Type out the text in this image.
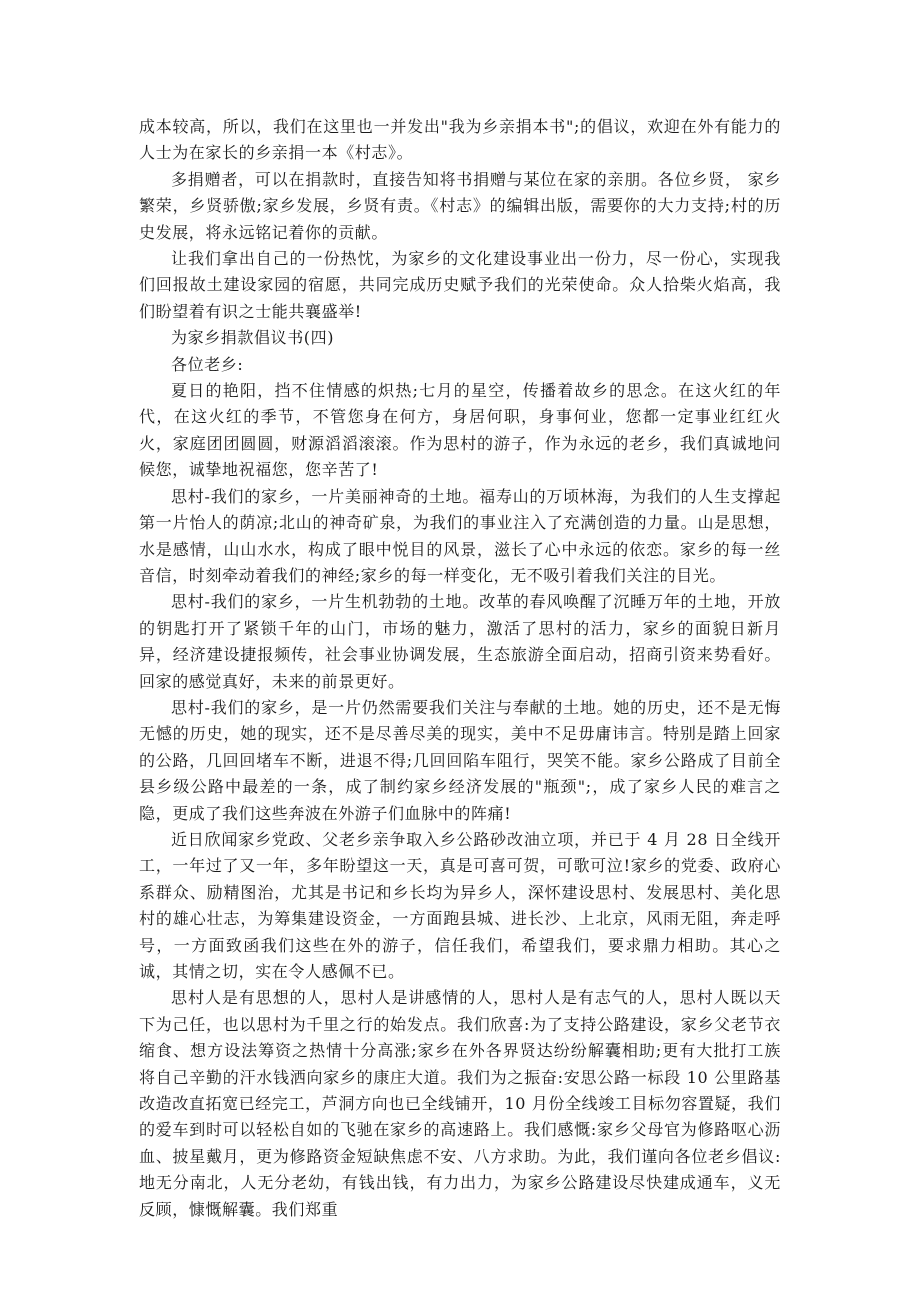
成本较高，所以，我们在这里也一并发出"我为乡亲捐本书";的倡议，欢迎在外有能力的人士为在家长的乡亲捐一本《村志》。

多捐赠者，可以在捐款时，直接告知将书捐赠与某位在家的亲朋。各位乡贤， 家乡繁荣，乡贤骄傲;家乡发展，乡贤有责。《村志》的编辑出版，需要你的大力支持;村的历史发展，将永远铭记着你的贡献。

让我们拿出自己的一份热忱，为家乡的文化建设事业出一份力，尽一份心，实现我们回报故土建设家园的宿愿，共同完成历史赋予我们的光荣使命。众人拾柴火焰高，我们盼望着有识之士能共襄盛举!

为家乡捐款倡议书(四)

各位老乡:

夏日的艳阳，挡不住情感的炽热;七月的星空，传播着故乡的思念。在这火红的年代，在这火红的季节，不管您身在何方，身居何职，身事何业，您都一定事业红红火火，家庭团团圆圆，财源滔滔滚滚。作为思村的游子，作为永远的老乡，我们真诚地问候您，诚挚地祝福您，您辛苦了!

思村-我们的家乡，一片美丽神奇的土地。福寿山的万顷林海，为我们的人生支撑起第一片怡人的荫凉;北山的神奇矿泉，为我们的事业注入了充满创造的力量。山是思想，水是感情，山山水水，构成了眼中悦目的风景，滋长了心中永远的依恋。家乡的每一丝音信，时刻牵动着我们的神经;家乡的每一样变化，无不吸引着我们关注的目光。

思村-我们的家乡，一片生机勃勃的土地。改革的春风唤醒了沉睡万年的土地，开放的钥匙打开了紧锁千年的山门，市场的魅力，激活了思村的活力，家乡的面貌日新月异，经济建设捷报频传，社会事业协调发展，生态旅游全面启动，招商引资来势看好。回家的感觉真好，未来的前景更好。

思村-我们的家乡，是一片仍然需要我们关注与奉献的土地。她的历史，还不是无悔无憾的历史，她的现实，还不是尽善尽美的现实，美中不足毋庸讳言。特别是踏上回家的公路，几回回堵车不断，进退不得;几回回陷车阻行，哭笑不能。家乡公路成了目前全县乡级公路中最差的一条，成了制约家乡经济发展的"瓶颈";，成了家乡人民的难言之隐，更成了我们这些奔波在外游子们血脉中的阵痛!

近日欣闻家乡党政、父老乡亲争取入乡公路砂改油立项，并已于 4 月 28 日全线开工，一年过了又一年，多年盼望这一天，真是可喜可贺，可歌可泣!家乡的党委、政府心系群众、励精图治，尤其是书记和乡长均为异乡人，深怀建设思村、发展思村、美化思村的雄心壮志，为筹集建设资金，一方面跑县城、进长沙、上北京，风雨无阻，奔走呼号，一方面致函我们这些在外的游子，信任我们，希望我们，要求鼎力相助。其心之诚，其情之切，实在令人感佩不已。

思村人是有思想的人，思村人是讲感情的人，思村人是有志气的人，思村人既以天下为己任，也以思村为千里之行的始发点。我们欣喜:为了支持公路建设，家乡父老节衣缩食、想方设法筹资之热情十分高涨;家乡在外各界贤达纷纷解囊相助;更有大批打工族将自己辛勤的汗水钱洒向家乡的康庄大道。我们为之振奋:安思公路一标段 10 公里路基改造改直拓宽已经完工，芦洞方向也已全线铺开，10 月份全线竣工目标勿容置疑，我们的爱车到时可以轻松自如的飞驰在家乡的高速路上。我们感慨:家乡父母官为修路呕心沥血、披星戴月，更为修路资金短缺焦虑不安、八方求助。为此，我们谨向各位老乡倡议:地无分南北，人无分老幼，有钱出钱，有力出力，为家乡公路建设尽快建成通车，义无反顾，慷慨解囊。我们郑重
